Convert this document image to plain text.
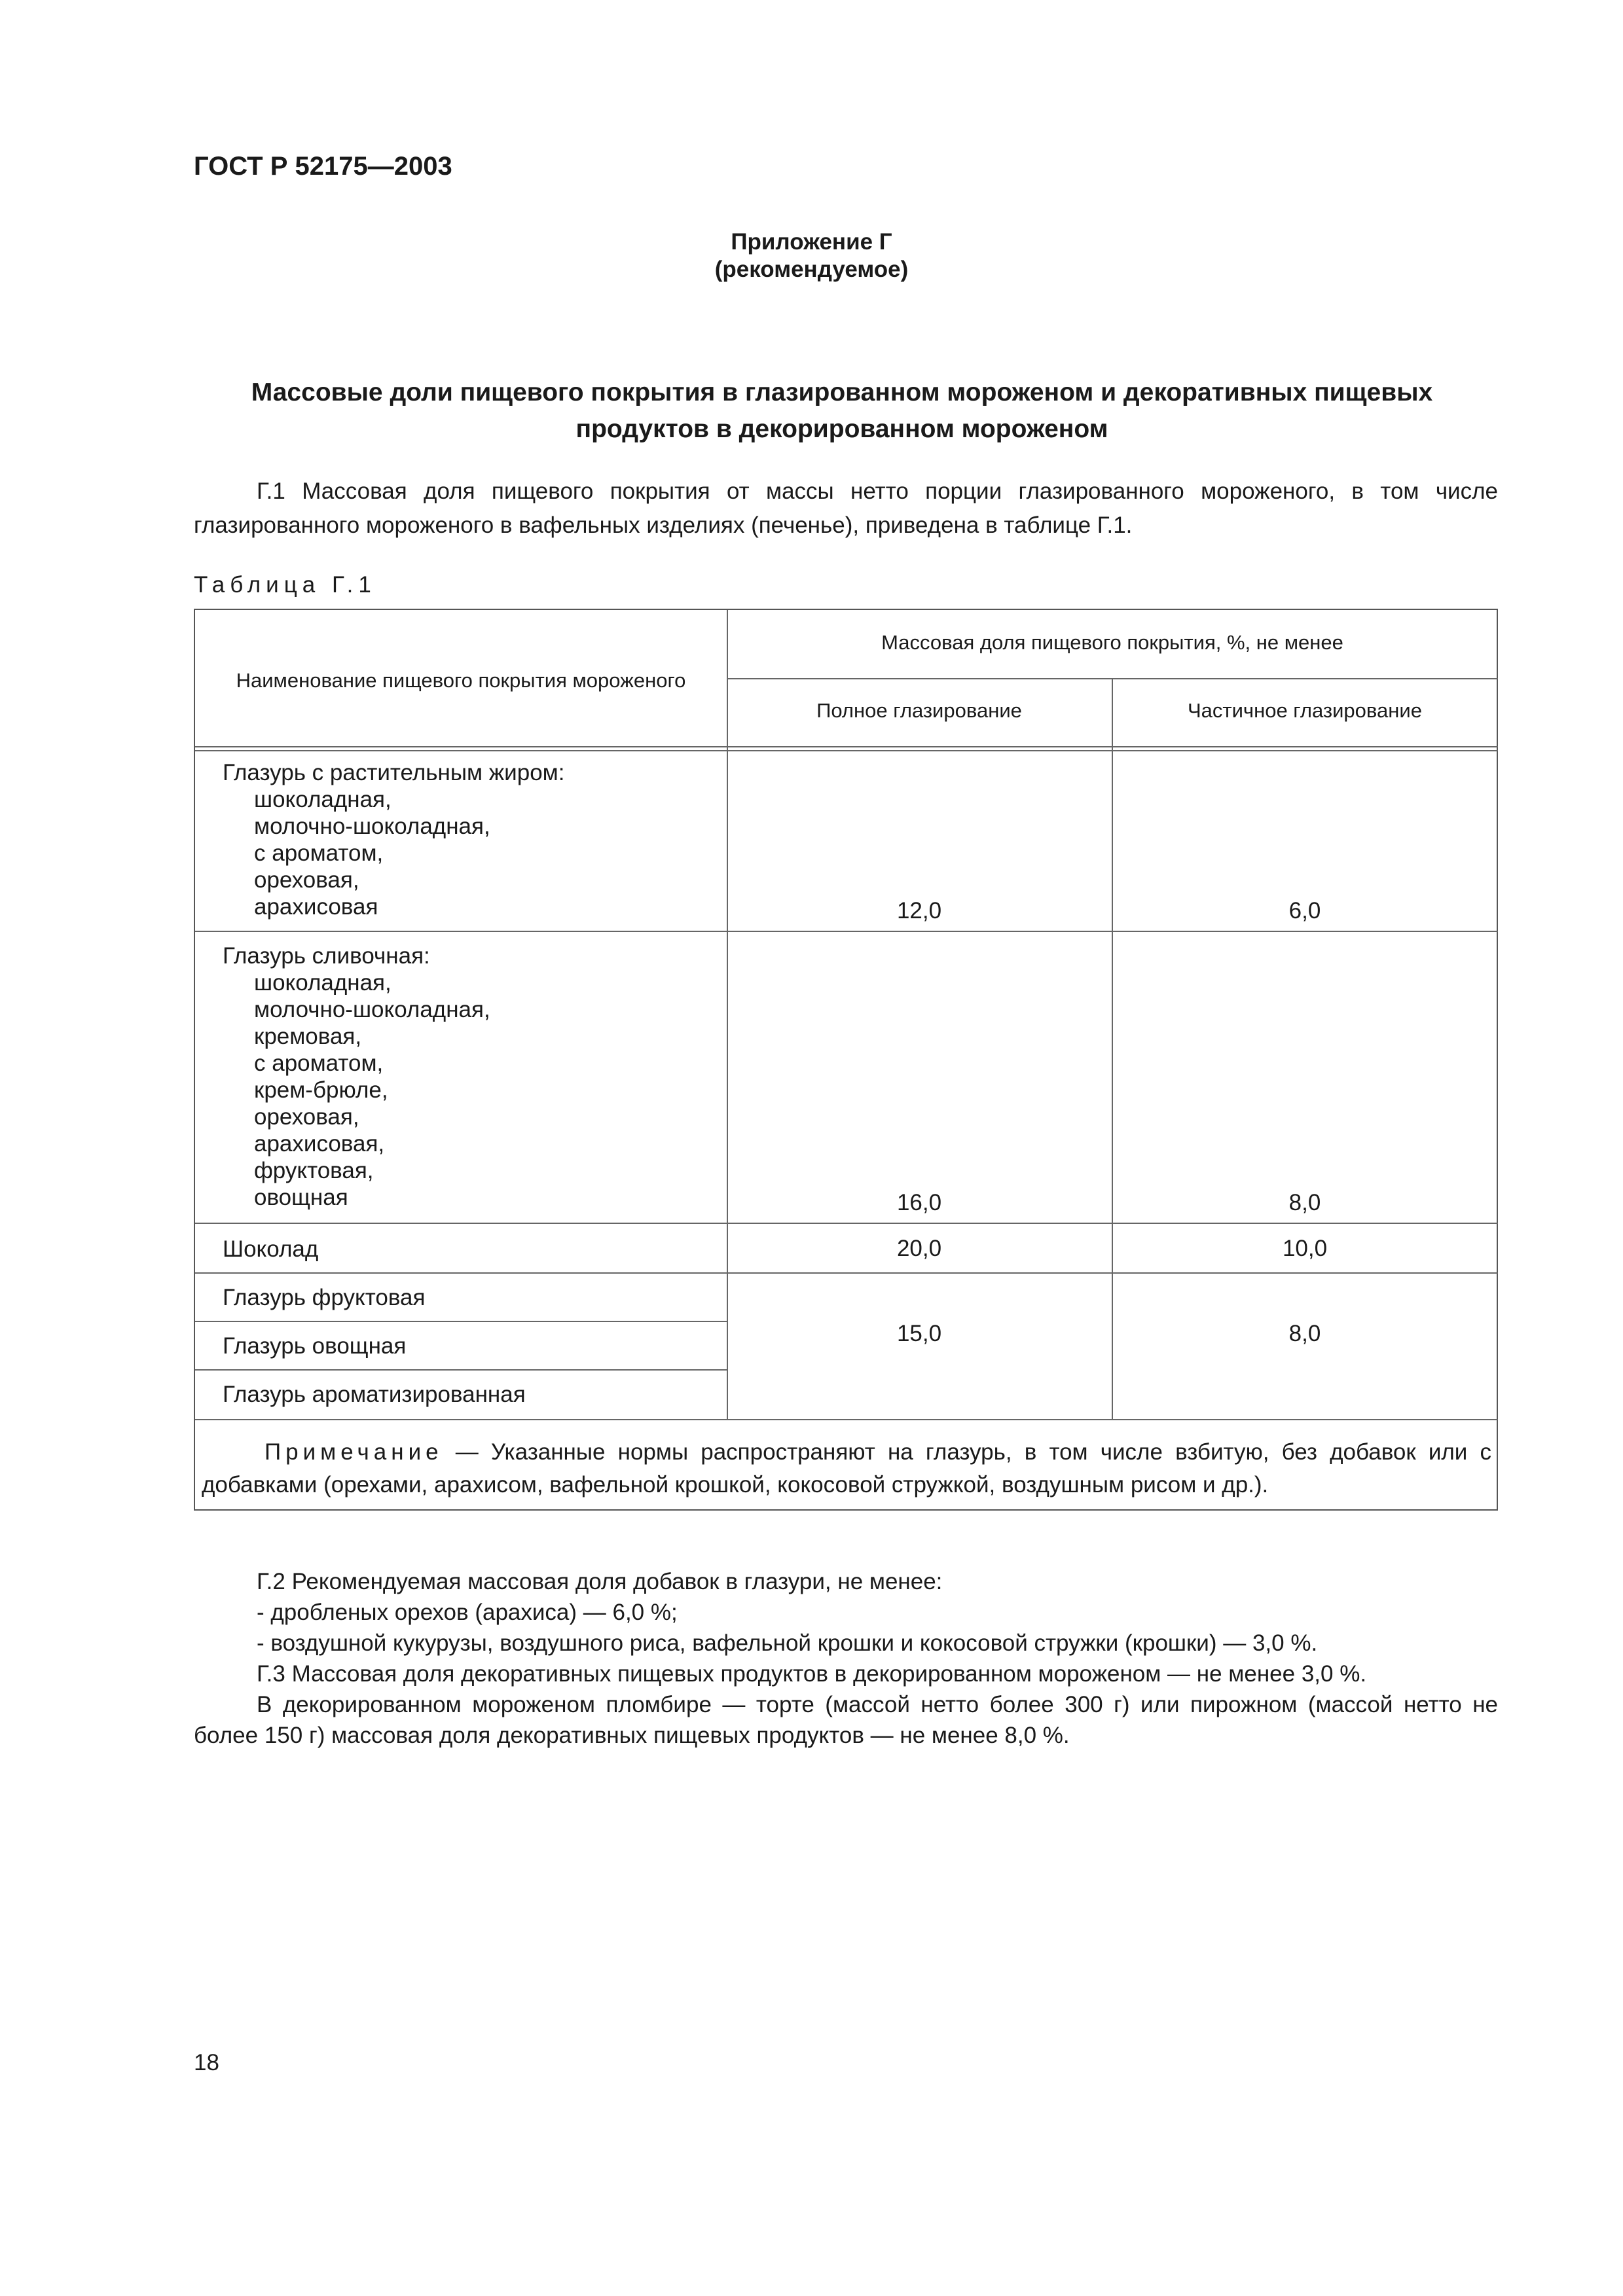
ГОСТ Р 52175—2003
Приложение Г
(рекомендуемое)
Массовые доли пищевого покрытия в глазированном мороженом и декоративных пищевых
продуктов в декорированном мороженом
Г.1 Массовая доля пищевого покрытия от массы нетто порции глазированного мороженого, в том числе глазированного мороженого в вафельных изделиях (печенье), приведена в таблице Г.1.
Таблица Г.1
Наименование пищевого покрытия мороженого
Массовая доля пищевого покрытия, %, не менее
Полное глазирование	Частичное глазирование
Глазурь с растительным жиром:
шоколадная,
молочно-шоколадная,
с ароматом,
ореховая,
арахисовая	12,0	6,0
Глазурь сливочная:
шоколадная,
молочно-шоколадная,
кремовая,
с ароматом,
крем-брюле,
ореховая,
арахисовая,
фруктовая,
овощная	16,0	8,0
Шоколад	20,0	10,0
Глазурь фруктовая
Глазурь овощная
Глазурь ароматизированная
15,0	8,0
Примечание — Указанные нормы распространяют на глазурь, в том числе взбитую, без добавок или с добавками (орехами, арахисом, вафельной крошкой, кокосовой стружкой, воздушным рисом и др.).
Г.2 Рекомендуемая массовая доля добавок в глазури, не менее:
- дробленых орехов (арахиса) — 6,0 %;
- воздушной кукурузы, воздушного риса, вафельной крошки и кокосовой стружки (крошки) — 3,0 %.
Г.3 Массовая доля декоративных пищевых продуктов в декорированном мороженом — не менее 3,0 %.
В декорированном мороженом пломбире — торте (массой нетто более 300 г) или пирожном (массой нетто не более 150 г) массовая доля декоративных пищевых продуктов — не менее 8,0 %.
18
